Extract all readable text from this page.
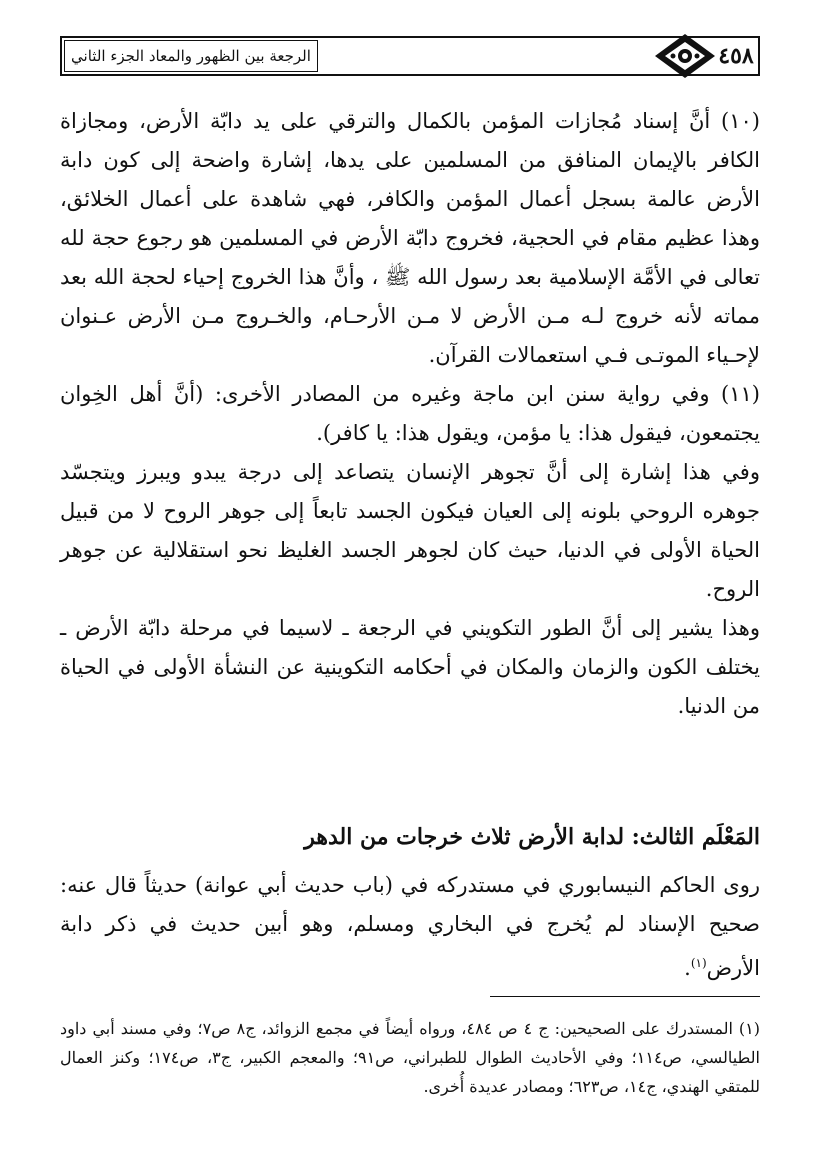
الرجعة بين الظهور والمعاد الجزء الثاني	٤٥٨

(١٠) أنَّ إسناد مُجازات المؤمن بالكمال والترقي على يد دابّة الأرض، ومجازاة الكافر بالإيمان المنافق من المسلمين على يدها، إشارة واضحة إلى كون دابة الأرض عالمة بسجل أعمال المؤمن والكافر، فهي شاهدة على أعمال الخلائق، وهذا عظيم مقام في الحجية، فخروج دابّة الأرض في المسلمين هو رجوع حجة لله تعالى في الأمَّة الإسلامية بعد رسول الله ﷺ ، وأنَّ هذا الخروج إحياء لحجة الله بعد مماته لأنه خروج لـه مـن الأرض لا مـن الأرحـام، والخـروج مـن الأرض عـنوان لإحـياء الموتـى فـي استعمالات القرآن.

(١١) وفي رواية سنن ابن ماجة وغيره من المصادر الأخرى: (أنَّ أهل الخِوان يجتمعون، فيقول هذا: يا مؤمن، ويقول هذا: يا كافر).

وفي هذا إشارة إلى أنَّ تجوهر الإنسان يتصاعد إلى درجة يبدو ويبرز ويتجسّد جوهره الروحي بلونه إلى العيان فيكون الجسد تابعاً إلى جوهر الروح لا من قبيل الحياة الأولى في الدنيا، حيث كان لجوهر الجسد الغليظ نحو استقلالية عن جوهر الروح.

وهذا يشير إلى أنَّ الطور التكويني في الرجعة ـ لاسيما في مرحلة دابّة الأرض ـ يختلف الكون والزمان والمكان في أحكامه التكوينية عن النشأة الأولى في الحياة من الدنيا.

المَعْلَم الثالث: لدابة الأرض ثلاث خرجات من الدهر

روى الحاكم النيسابوري في مستدركه في (باب حديث أبي عوانة) حديثاً قال عنه: صحيح الإسناد لم يُخرج في البخاري ومسلم، وهو أبين حديث في ذكر دابة الأرض$^{(١)}$.

(١) المستدرك على الصحيحين: ج ٤ ص ٤٨٤، ورواه أيضاً في مجمع الزوائد، ج٨ ص٧؛ وفي مسند أبي داود الطيالسي، ص١١٤؛ وفي الأحاديث الطوال للطبراني، ص٩١؛ والمعجم الكبير، ج٣، ص١٧٤؛ وكنز العمال للمتقي الهندي، ج١٤، ص٦٢٣؛ ومصادر عديدة أُخرى.
